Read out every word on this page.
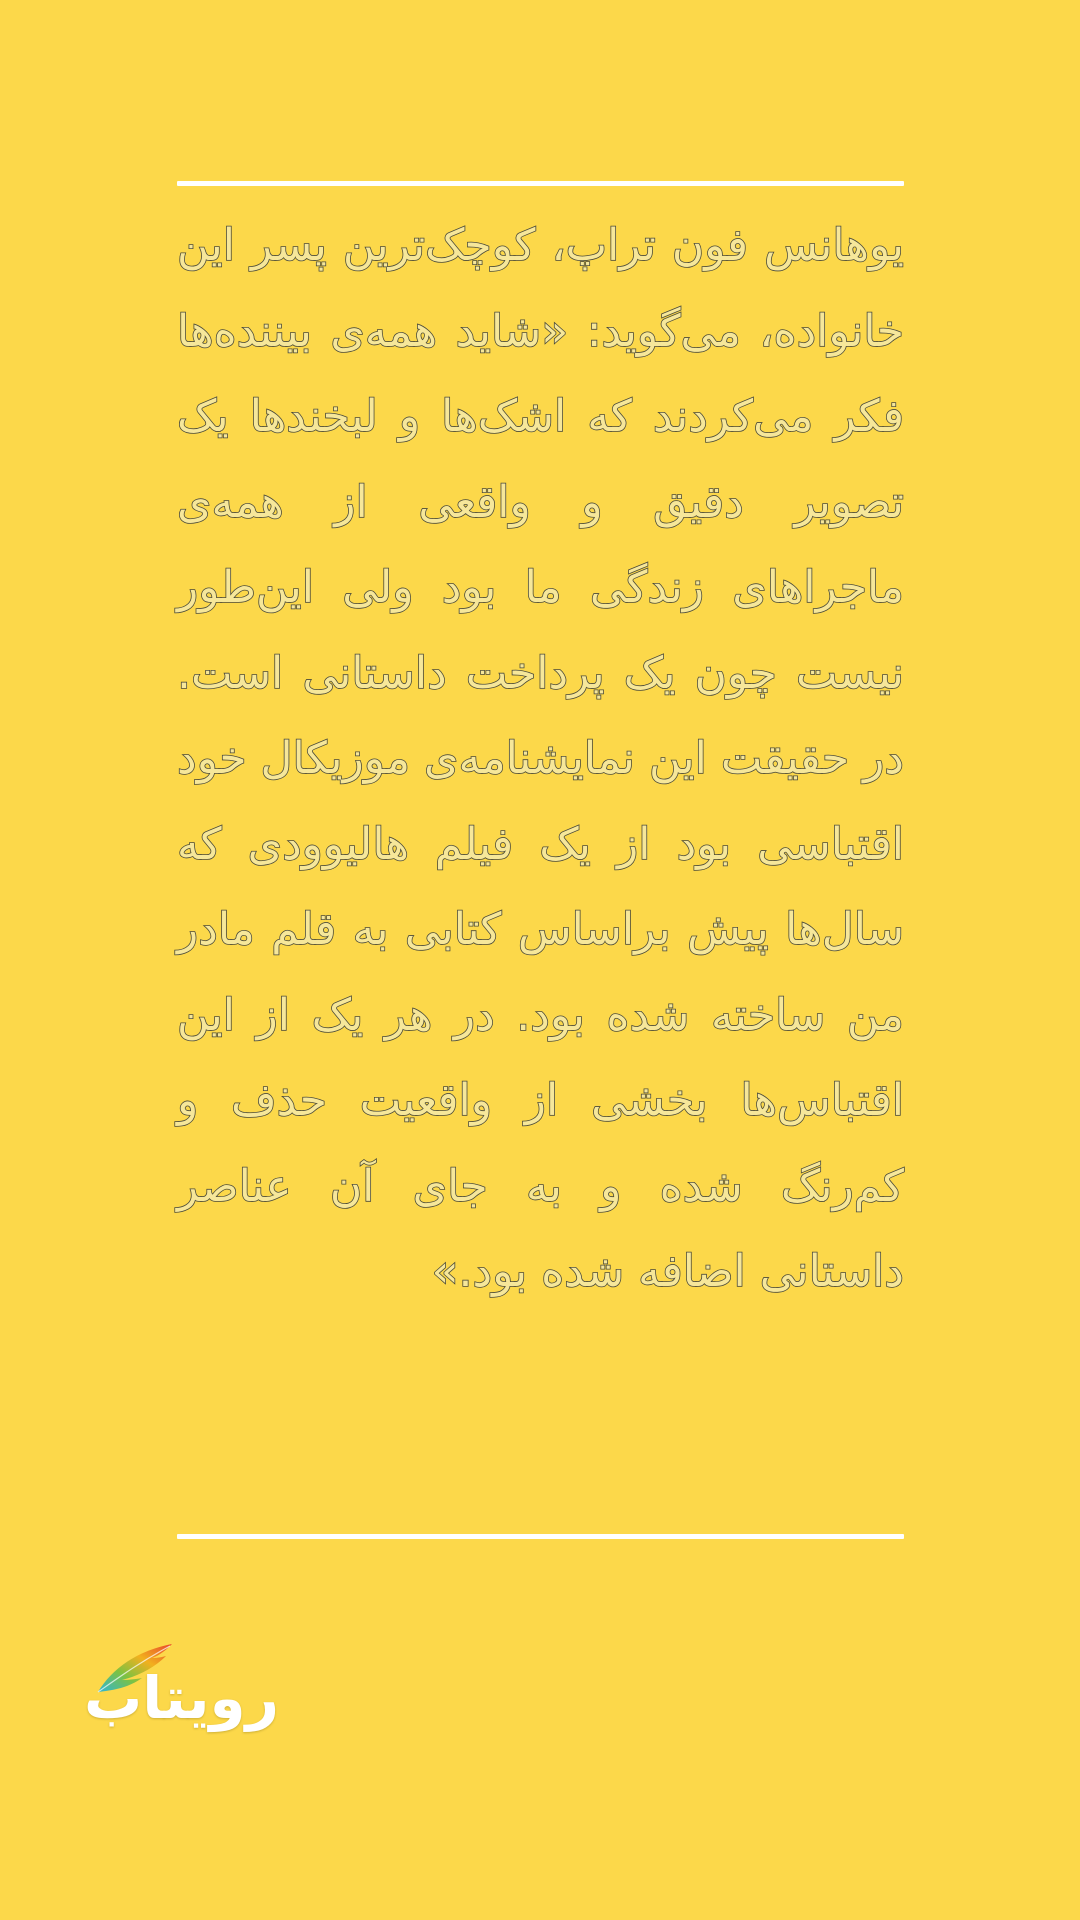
یوهانس فون تراپ، کوچک‌ترین پسر این خانواده، می‌گوید: «شاید همه‌ی بیننده‌ها فکر می‌کردند که اشک‌ها و لبخندها یک تصویر دقیق و واقعی از همه‌ی ماجراهای زندگی ما بود ولی این‌طور نیست چون یک پرداخت داستانی است. در حقیقت این نمایشنامه‌ی موزیکال خود اقتباسی بود از یک فیلم هالیوودی که سال‌ها پیش براساس کتابی به قلم مادر من ساخته شده بود. در هر یک از این اقتباس‌ها بخشی از واقعیت حذف و کم‌رنگ شده و به جای آن عناصر داستانی اضافه شده بود.»

رویتاب
